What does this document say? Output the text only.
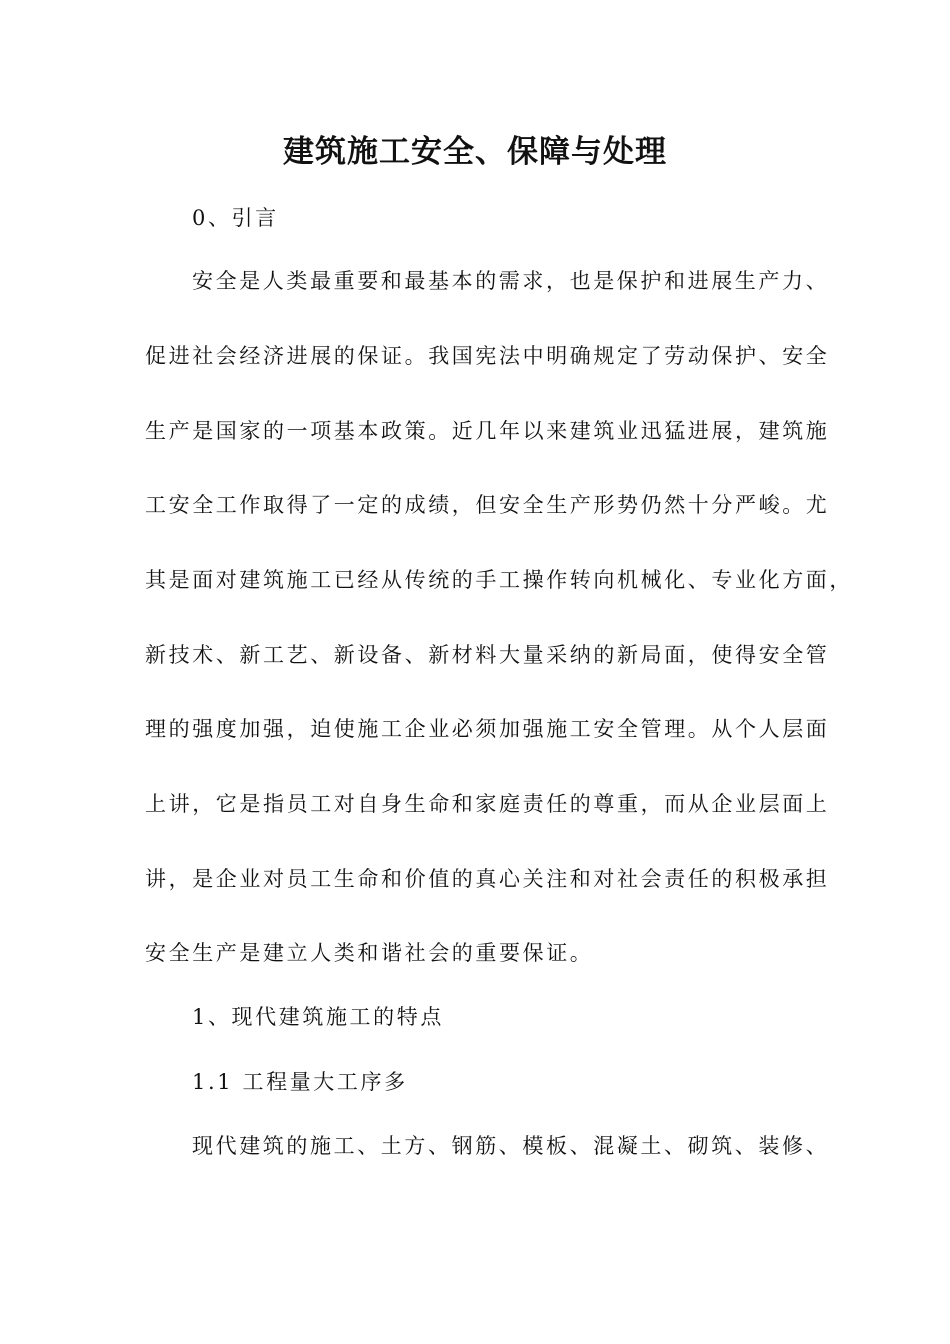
建筑施工安全、保障与处理
0、引言
安全是人类最重要和最基本的需求，也是保护和进展生产力、
促进社会经济进展的保证。我国宪法中明确规定了劳动保护、安全
生产是国家的一项基本政策。近几年以来建筑业迅猛进展，建筑施
工安全工作取得了一定的成绩，但安全生产形势仍然十分严峻。尤
其是面对建筑施工已经从传统的手工操作转向机械化、专业化方面，
新技术、新工艺、新设备、新材料大量采纳的新局面，使得安全管
理的强度加强，迫使施工企业必须加强施工安全管理。从个人层面
上讲，它是指员工对自身生命和家庭责任的尊重，而从企业层面上
讲，是企业对员工生命和价值的真心关注和对社会责任的积极承担
安全生产是建立人类和谐社会的重要保证。
1、现代建筑施工的特点
1.1 工程量大工序多
现代建筑的施工、土方、钢筋、模板、混凝土、砌筑、装修、
